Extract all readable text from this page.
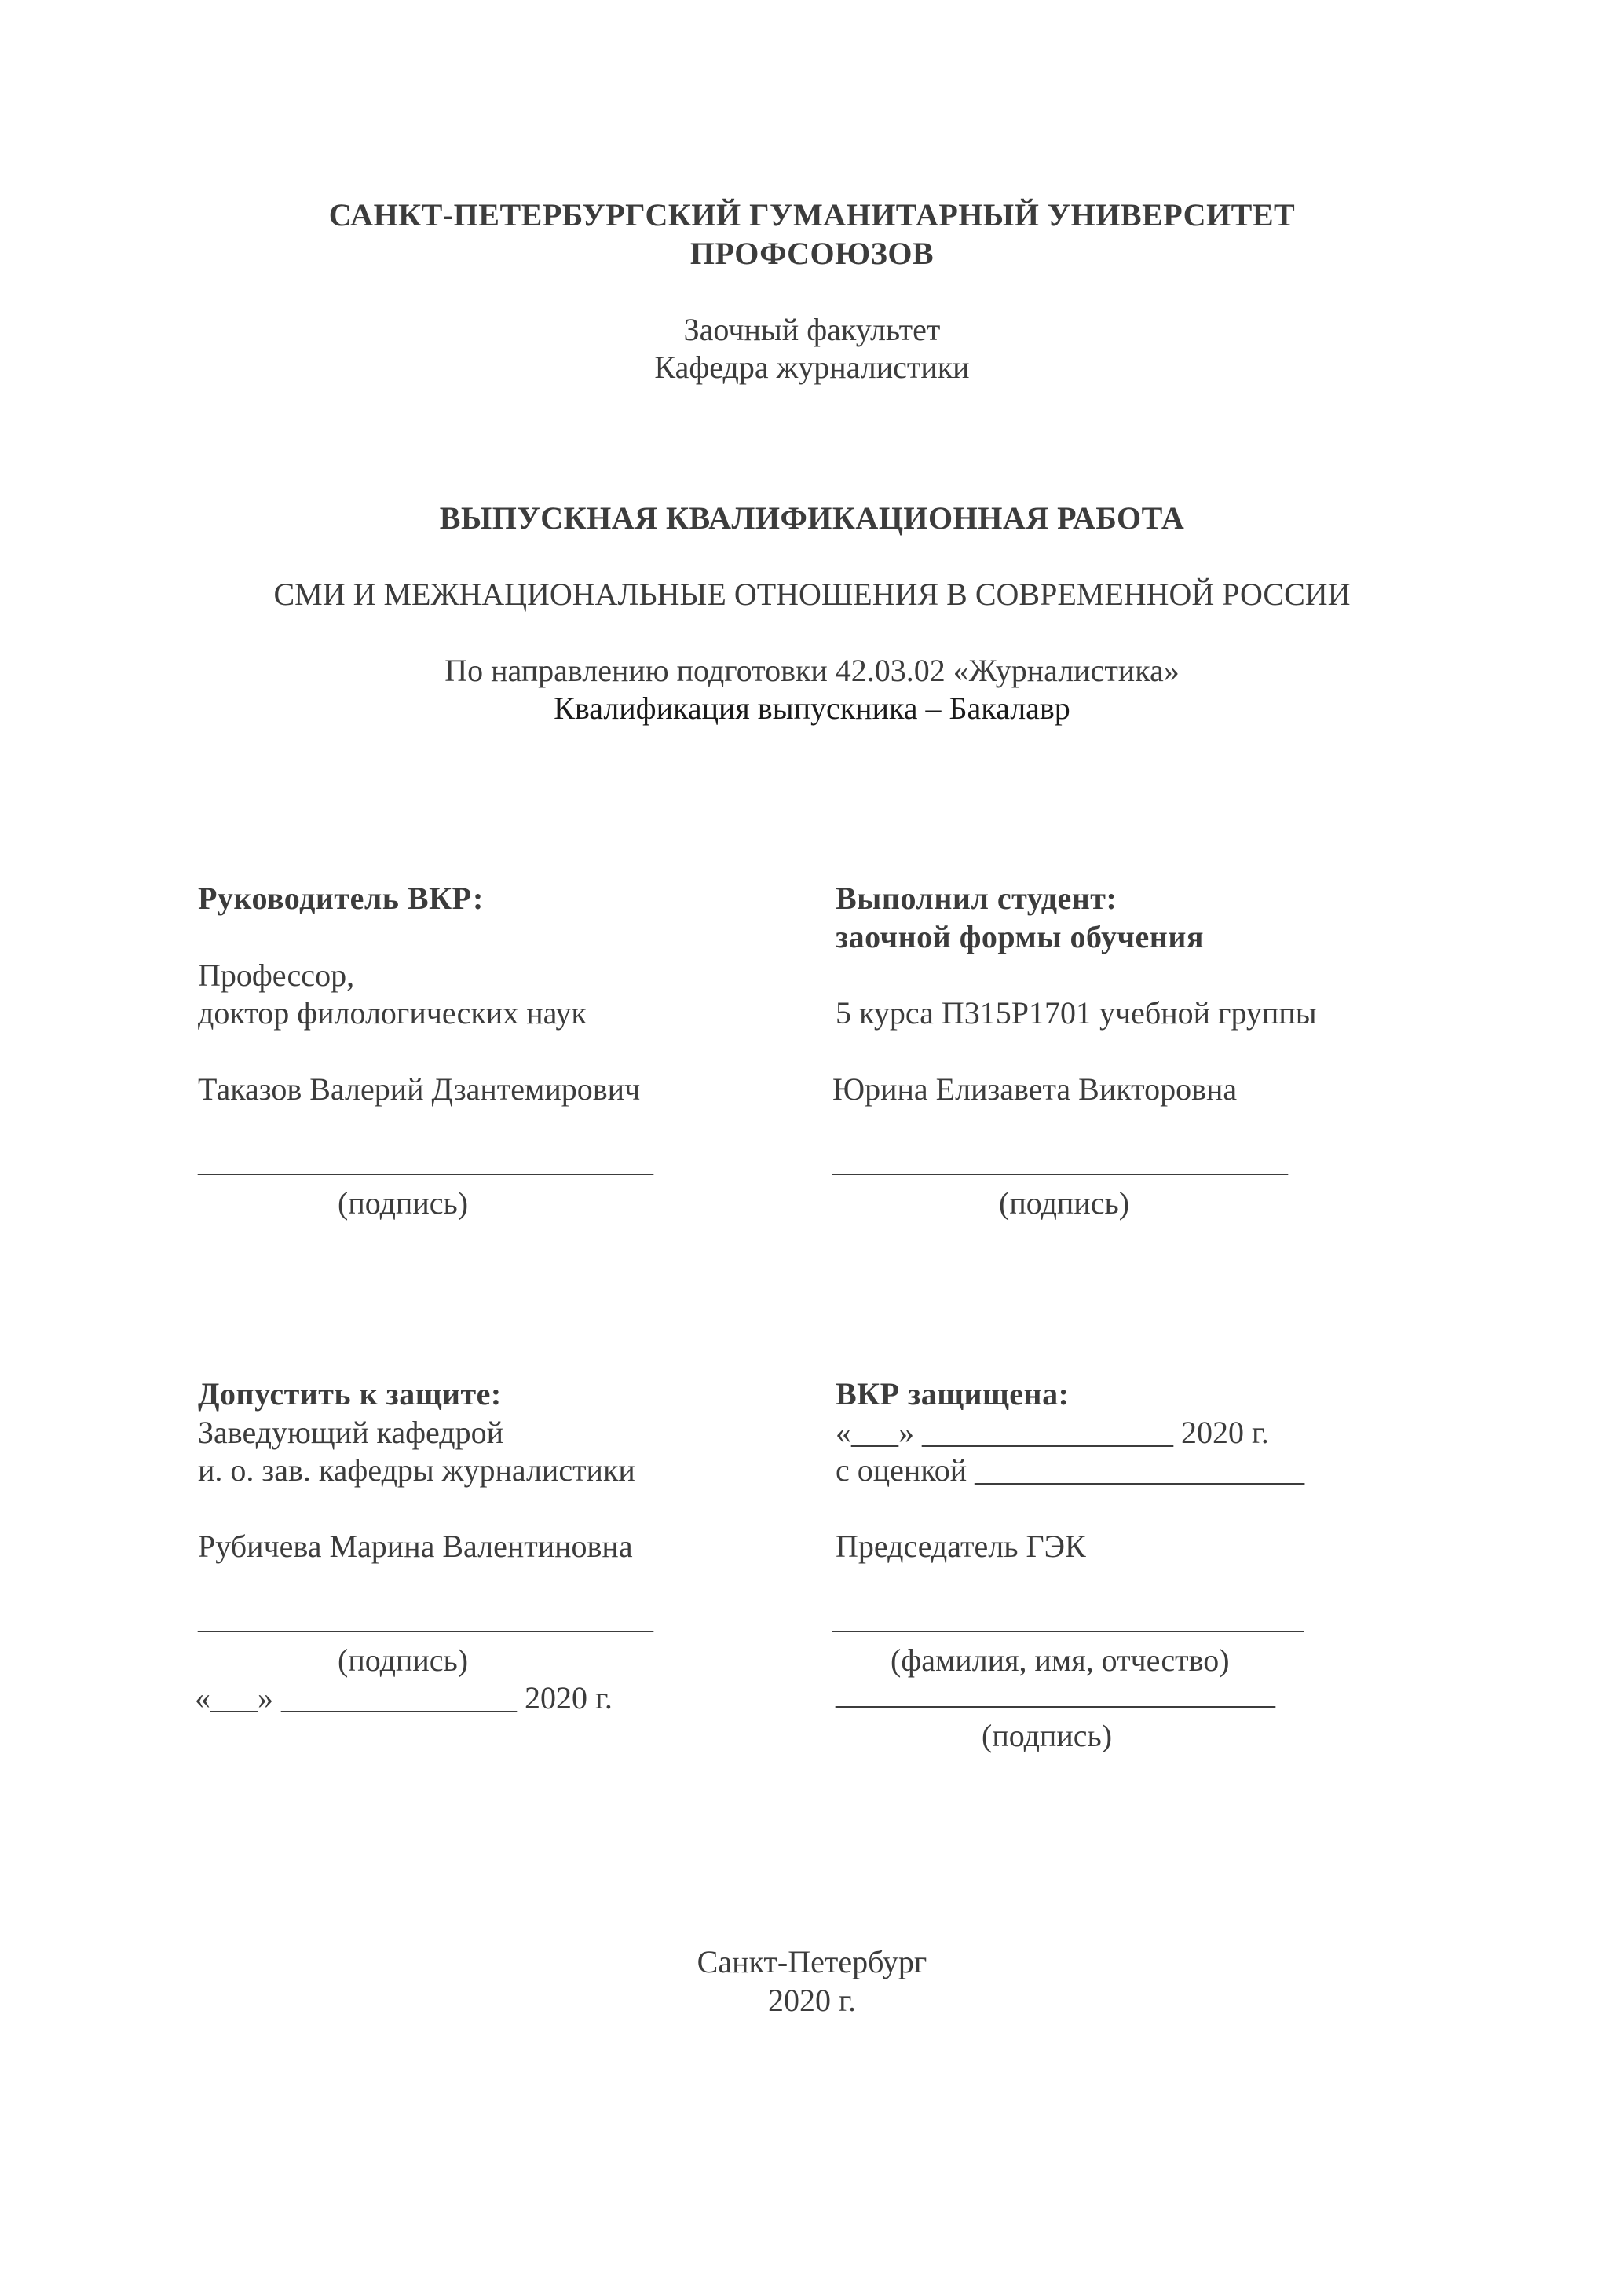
САНКТ-ПЕТЕРБУРГСКИЙ ГУМАНИТАРНЫЙ УНИВЕРСИТЕТ
ПРОФСОЮЗОВ
Заочный факультет
Кафедра журналистики
ВЫПУСКНАЯ КВАЛИФИКАЦИОННАЯ РАБОТА
СМИ И МЕЖНАЦИОНАЛЬНЫЕ ОТНОШЕНИЯ В СОВРЕМЕННОЙ РОССИИ
По направлению подготовки 42.03.02 «Журналистика»
Квалификация выпускника – Бакалавр
Руководитель ВКР:
Профессор,
доктор филологических наук
Таказов Валерий Дзантемирович
_____________________________
(подпись)
Выполнил студент:
заочной формы обучения
5 курса П315Р1701 учебной группы
Юрина Елизавета Викторовна
_____________________________
(подпись)
Допустить к защите:
Заведующий кафедрой
и. о. зав. кафедры журналистики
Рубичева Марина Валентиновна
_____________________________
(подпись)
«___» _______________ 2020 г.
ВКР защищена:
«___» ________________ 2020 г.
с оценкой _____________________
Председатель ГЭК
______________________________
(фамилия, имя, отчество)
____________________________
(подпись)
Санкт-Петербург
2020 г.
